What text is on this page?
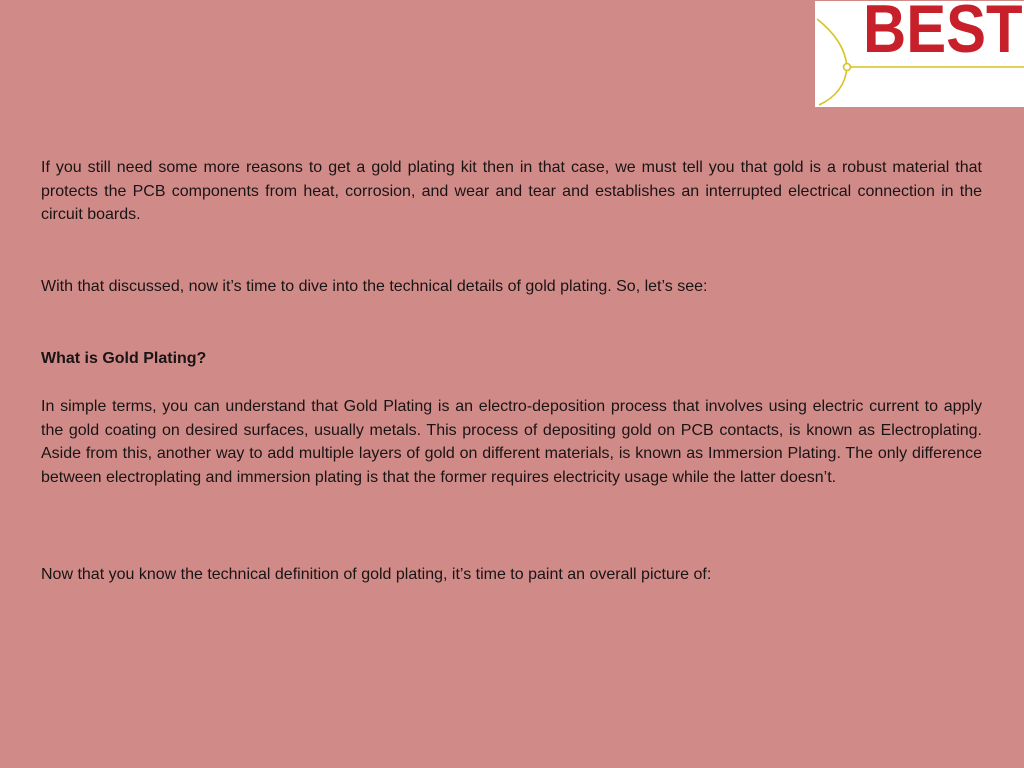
BEST

If you still need some more reasons to get a gold plating kit then in that case, we must tell you that gold is a robust material that protects the PCB components from heat, corrosion, and wear and tear and establishes an interrupted electrical connection in the circuit boards.

With that discussed, now it’s time to dive into the technical details of gold plating. So, let’s see:

What is Gold Plating?

In simple terms, you can understand that Gold Plating is an electro-deposition process that involves using electric current to apply the gold coating on desired surfaces, usually metals. This process of depositing gold on PCB contacts, is known as Electroplating. Aside from this, another way to add multiple layers of gold on different materials, is known as Immersion Plating. The only difference between electroplating and immersion plating is that the former requires electricity usage while the latter doesn’t.

Now that you know the technical definition of gold plating, it’s time to paint an overall picture of:
